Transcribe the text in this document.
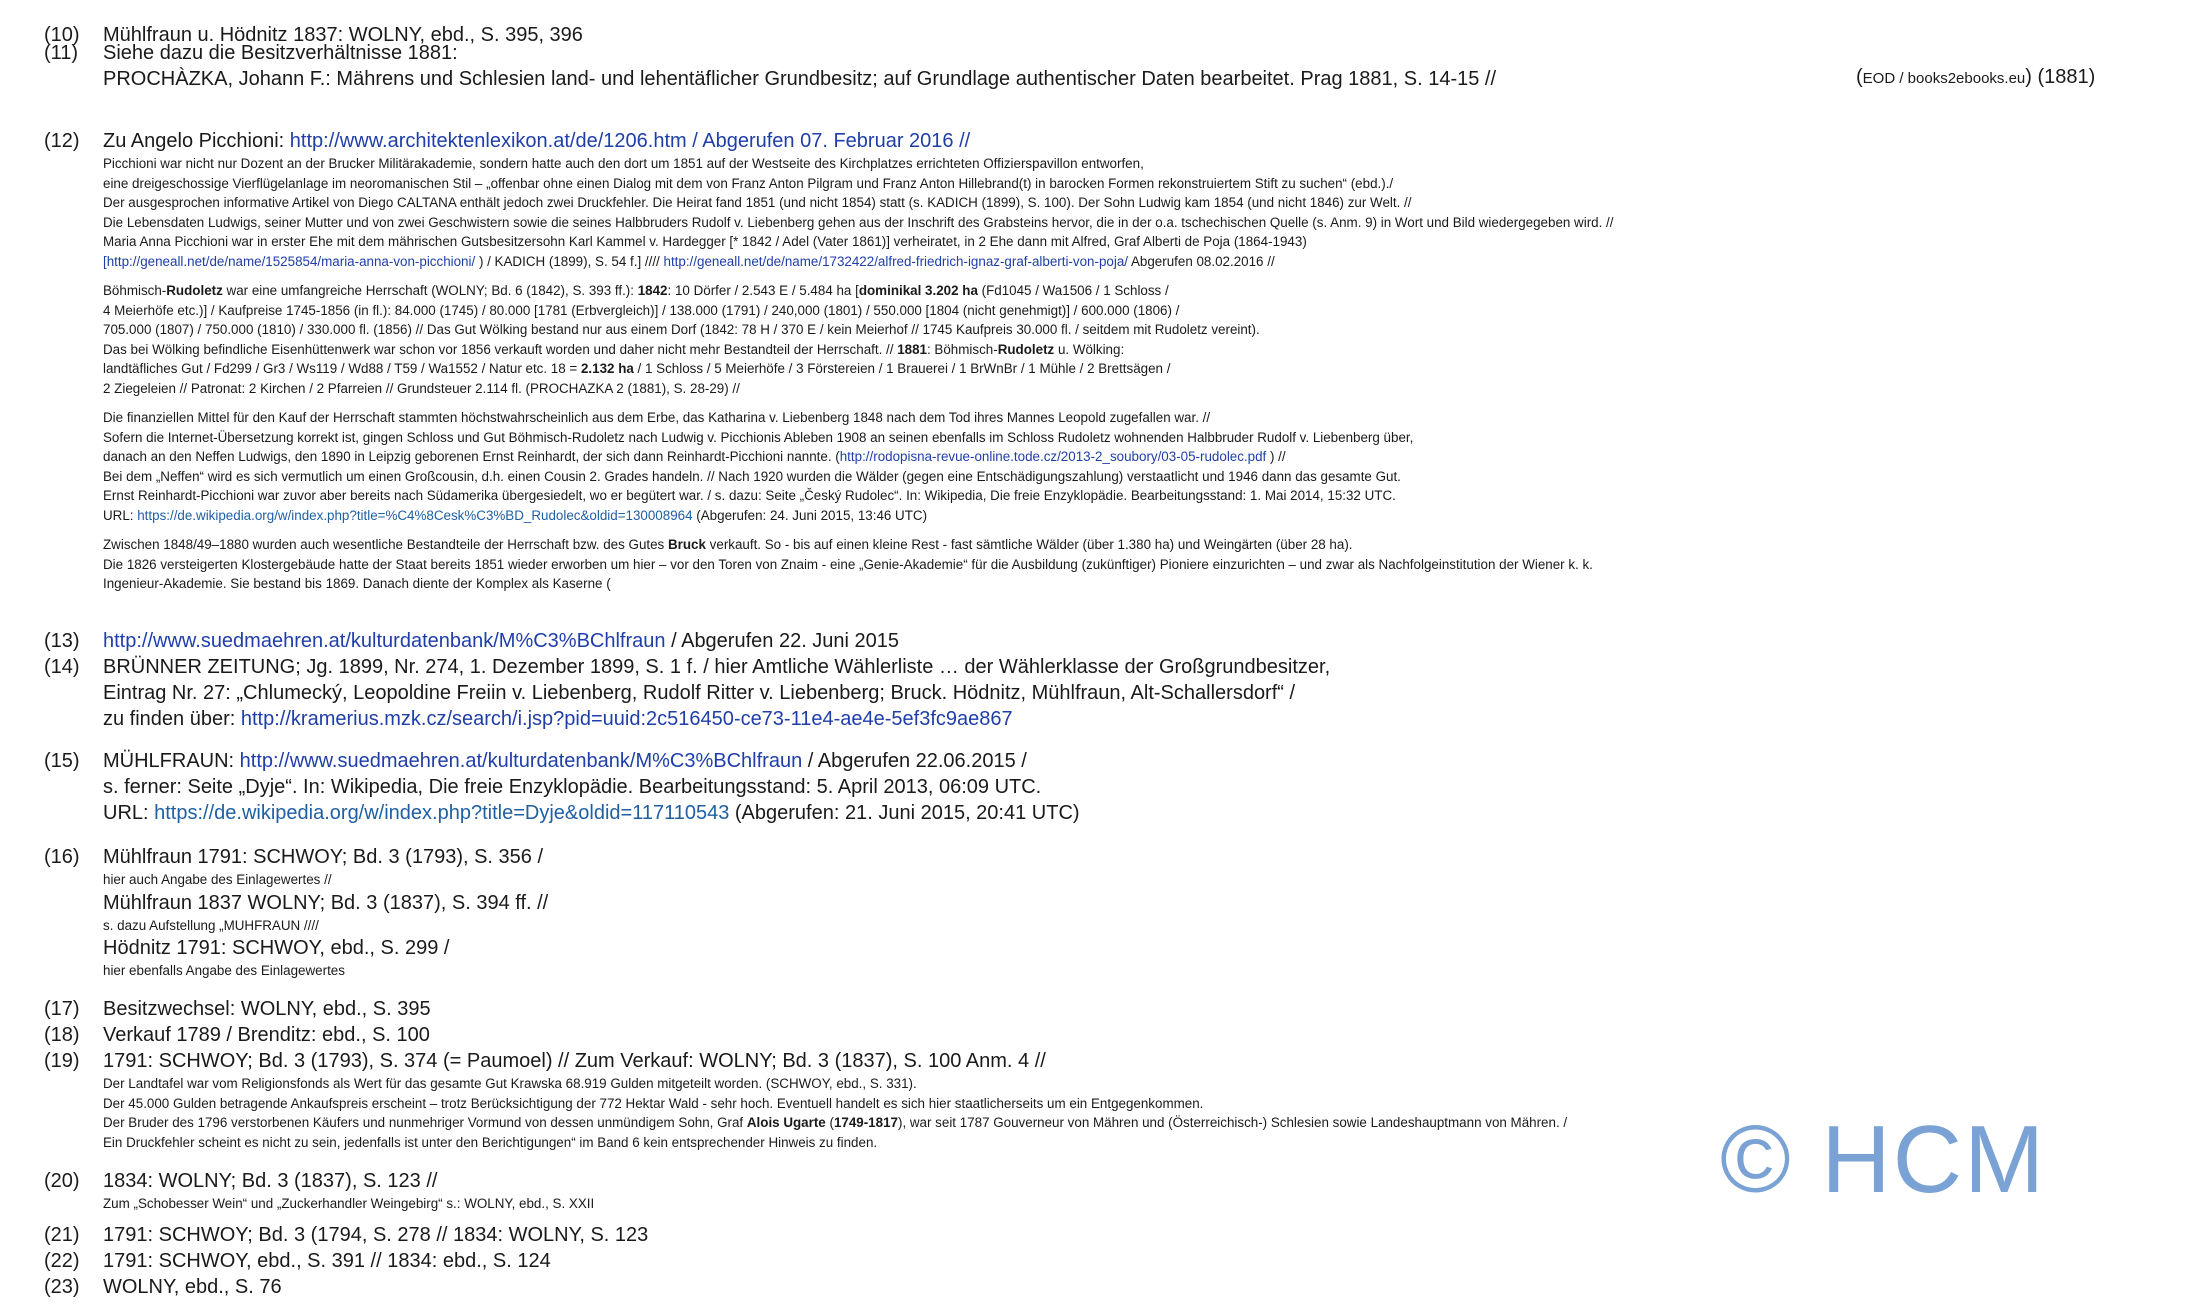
(10)	Mühlfraun u. Hödnitz 1837: WOLNY, ebd., S. 395, 396
(11)	Siehe dazu die Besitzverhältnisse 1881:
PROCHÀZKA, Johann F.: Mährens und Schlesien land- und lehentäflicher Grundbesitz; auf Grundlage authentischer Daten bearbeitet. Prag 1881, S. 14-15 //	(EOD / books2ebooks.eu) (1881)
(12)	Zu Angelo Picchioni: http://www.architektenlexikon.at/de/1206.htm / Abgerufen 07. Februar 2016 //
Picchioni war nicht nur Dozent an der Brucker Militärakademie, sondern hatte auch den dort um 1851 auf der Westseite des Kirchplatzes errichteten Offizierspavillon entworfen,
eine dreigeschossige Vierflügelanlage im neoromanischen Stil – „offenbar ohne einen Dialog mit dem von Franz Anton Pilgram und Franz Anton Hillebrand(t) in barocken Formen rekonstruiertem Stift zu suchen“ (ebd.)./
Der ausgesprochen informative Artikel von Diego CALTANA enthält jedoch zwei Druckfehler. Die Heirat fand 1851 (und nicht 1854) statt (s. KADICH (1899), S. 100). Der Sohn Ludwig kam 1854 (und nicht 1846) zur Welt. //
Die Lebensdaten Ludwigs, seiner Mutter und von zwei Geschwistern sowie die seines Halbbruders Rudolf v. Liebenberg gehen aus der Inschrift des Grabsteins hervor, die in der o.a. tschechischen Quelle (s. Anm. 9) in Wort und Bild wiedergegeben wird. //
Maria Anna Picchioni war in erster Ehe mit dem mährischen Gutsbesitzersohn Karl Kammel v. Hardegger [* 1842 / Adel (Vater 1861)] verheiratet, in 2 Ehe dann mit Alfred, Graf Alberti de Poja (1864-1943)
[http://geneall.net/de/name/1525854/maria-anna-von-picchioni/ ) / KADICH (1899), S. 54 f.] //// http://geneall.net/de/name/1732422/alfred-friedrich-ignaz-graf-alberti-von-poja/ Abgerufen 08.02.2016 //
Böhmisch-Rudoletz war eine umfangreiche Herrschaft (WOLNY; Bd. 6 (1842), S. 393 ff.): 1842: 10 Dörfer / 2.543 E / 5.484 ha [dominikal 3.202 ha (Fd1045 / Wa1506 / 1 Schloss /
4 Meierhöfe etc.)] / Kaufpreise 1745-1856 (in fl.): 84.000 (1745) / 80.000 [1781 (Erbvergleich)] / 138.000 (1791) / 240,000 (1801) / 550.000 [1804 (nicht genehmigt)] / 600.000 (1806) /
705.000 (1807) / 750.000 (1810) / 330.000 fl. (1856) // Das Gut Wölking bestand nur aus einem Dorf (1842: 78 H / 370 E / kein Meierhof // 1745 Kaufpreis 30.000 fl. / seitdem mit Rudoletz vereint).
Das bei Wölking befindliche Eisenhüttenwerk war schon vor 1856 verkauft worden und daher nicht mehr Bestandteil der Herrschaft. // 1881: Böhmisch-Rudoletz u. Wölking:
landtäfliches Gut / Fd299 / Gr3 / Ws119 / Wd88 / T59 / Wa1552 / Natur etc. 18 = 2.132 ha / 1 Schloss / 5 Meierhöfe / 3 Förstereien / 1 Brauerei / 1 BrWnBr / 1 Mühle / 2 Brettsägen /
2 Ziegeleien // Patronat: 2 Kirchen / 2 Pfarreien // Grundsteuer 2.114 fl. (PROCHAZKA 2 (1881), S. 28-29) //
Die finanziellen Mittel für den Kauf der Herrschaft stammten höchstwahrscheinlich aus dem Erbe, das Katharina v. Liebenberg 1848 nach dem Tod ihres Mannes Leopold zugefallen war. //
Sofern die Internet-Übersetzung korrekt ist, gingen Schloss und Gut Böhmisch-Rudoletz nach Ludwig v. Picchionis Ableben 1908 an seinen ebenfalls im Schloss Rudoletz wohnenden Halbbruder Rudolf v. Liebenberg über,
danach an den Neffen Ludwigs, den 1890 in Leipzig geborenen Ernst Reinhardt, der sich dann Reinhardt-Picchioni nannte. (http://rodopisna-revue-online.tode.cz/2013-2_soubory/03-05-rudolec.pdf ) //
Bei dem „Neffen“ wird es sich vermutlich um einen Großcousin, d.h. einen Cousin 2. Grades handeln. // Nach 1920 wurden die Wälder (gegen eine Entschädigungszahlung) verstaatlicht und 1946 dann das gesamte Gut.
Ernst Reinhardt-Picchioni war zuvor aber bereits nach Südamerika übergesiedelt, wo er begütert war. / s. dazu: Seite „Český Rudolec“. In: Wikipedia, Die freie Enzyklopädie. Bearbeitungsstand: 1. Mai 2014, 15:32 UTC.
URL: https://de.wikipedia.org/w/index.php?title=%C4%8Cesk%C3%BD_Rudolec&oldid=130008964 (Abgerufen: 24. Juni 2015, 13:46 UTC)
Zwischen 1848/49–1880 wurden auch wesentliche Bestandteile der Herrschaft bzw. des Gutes Bruck verkauft. So - bis auf einen kleine Rest - fast sämtliche Wälder (über 1.380 ha) und Weingärten (über 28 ha).
Die 1826 versteigerten Klostergebäude hatte der Staat bereits 1851 wieder erworben um hier – vor den Toren von Znaim - eine „Genie-Akademie“ für die Ausbildung (zukünftiger) Pioniere einzurichten – und zwar als Nachfolgeinstitution der Wiener k. k.
Ingenieur-Akademie. Sie bestand bis 1869. Danach diente der Komplex als Kaserne (
(13)	http://www.suedmaehren.at/kulturdatenbank/M%C3%BChlfraun / Abgerufen 22. Juni 2015
(14)	BRÜNNER ZEITUNG; Jg. 1899, Nr. 274, 1. Dezember 1899, S. 1 f. / hier Amtliche Wählerliste … der Wählerklasse der Großgrundbesitzer,
Eintrag Nr. 27: „Chlumecký, Leopoldine Freiin v. Liebenberg, Rudolf Ritter v. Liebenberg; Bruck. Hödnitz, Mühlfraun, Alt-Schallersdorf“ /
zu finden über: http://kramerius.mzk.cz/search/i.jsp?pid=uuid:2c516450-ce73-11e4-ae4e-5ef3fc9ae867
(15)	MÜHLFRAUN: http://www.suedmaehren.at/kulturdatenbank/M%C3%BChlfraun / Abgerufen 22.06.2015 /
s. ferner: Seite „Dyje“. In: Wikipedia, Die freie Enzyklopädie. Bearbeitungsstand: 5. April 2013, 06:09 UTC.
URL: https://de.wikipedia.org/w/index.php?title=Dyje&oldid=117110543 (Abgerufen: 21. Juni 2015, 20:41 UTC)
(16)	Mühlfraun 1791: SCHWOY; Bd. 3 (1793), S. 356 /
hier auch Angabe des Einlagewertes //
Mühlfraun 1837 WOLNY; Bd. 3 (1837), S. 394 ff. //
s. dazu Aufstellung „MUHFRAUN ////
Hödnitz 1791: SCHWOY, ebd., S. 299 /
hier ebenfalls Angabe des Einlagewertes
(17)	Besitzwechsel: WOLNY, ebd., S. 395
(18)	Verkauf 1789 / Brenditz: ebd., S. 100
(19)	1791: SCHWOY; Bd. 3 (1793), S. 374 (= Paumoel) // Zum Verkauf: WOLNY; Bd. 3 (1837), S. 100 Anm. 4 //
Der Landtafel war vom Religionsfonds als Wert für das gesamte Gut Krawska 68.919 Gulden mitgeteilt worden. (SCHWOY, ebd., S. 331).
Der 45.000 Gulden betragende Ankaufspreis erscheint – trotz Berücksichtigung der 772 Hektar Wald - sehr hoch. Eventuell handelt es sich hier staatlicherseits um ein Entgegenkommen.
Der Bruder des 1796 verstorbenen Käufers und nunmehriger Vormund von dessen unmündigem Sohn, Graf Alois Ugarte (1749-1817), war seit 1787 Gouverneur von Mähren und (Österreichisch-) Schlesien sowie Landeshauptmann von Mähren. /
Ein Druckfehler scheint es nicht zu sein, jedenfalls ist unter den Berichtigungen“ im Band 6 kein entsprechender Hinweis zu finden.
(20)	1834: WOLNY; Bd. 3 (1837), S. 123 //
Zum „Schobesser Wein“ und „Zuckerhandler Weingebirg“ s.: WOLNY, ebd., S. XXII
(21)	1791: SCHWOY; Bd. 3 (1794, S. 278 // 1834: WOLNY, S. 123
(22)	1791: SCHWOY, ebd., S. 391 // 1834: ebd., S. 124
(23)	WOLNY, ebd., S. 76
© HCM
